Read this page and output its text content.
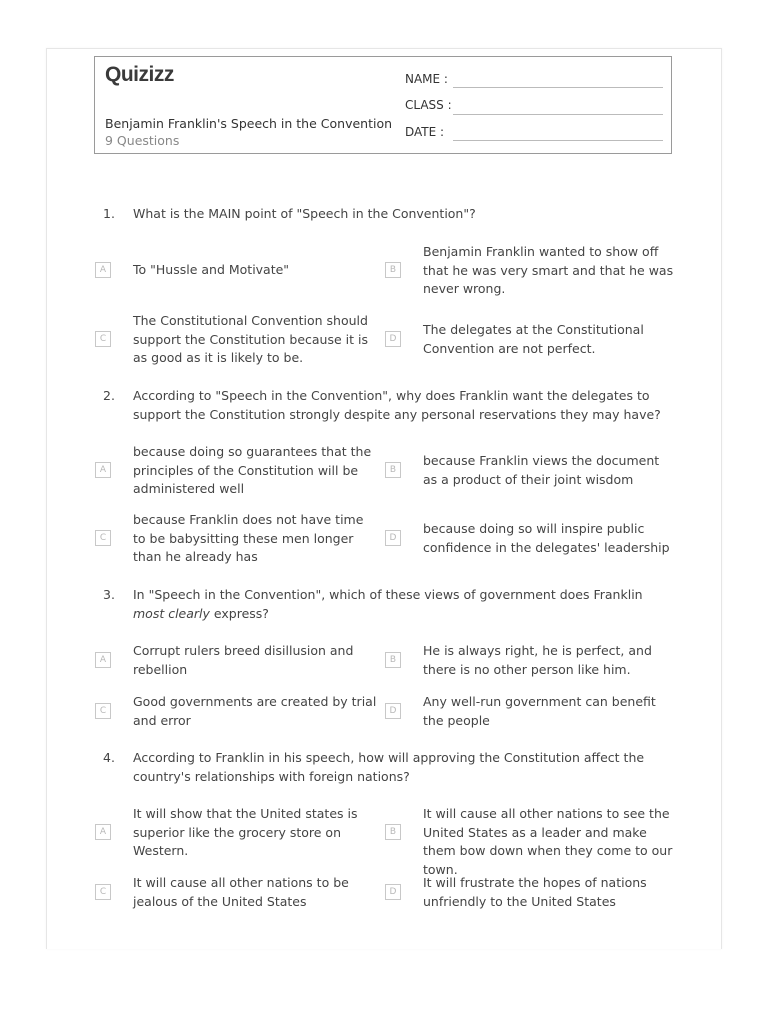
Quizizz
Benjamin Franklin's Speech in the Convention
9 Questions
NAME :
CLASS :
DATE :
1.	What is the MAIN point of "Speech in the Convention"?
A	To "Hussle and Motivate"	B
Benjamin Franklin wanted to show off that he was very smart and that he was never wrong.
C
The Constitutional Convention should support the Constitution because it is as good as it is likely to be.
D
The delegates at the Constitutional Convention are not perfect.
2.	According to "Speech in the Convention", why does Franklin want the delegates to support the Constitution strongly despite any personal reservations they may have?
A
because doing so guarantees that the principles of the Constitution will be administered well
B
because Franklin views the document as a product of their joint wisdom
C
because Franklin does not have time to be babysitting these men longer than he already has
D
because doing so will inspire public confidence in the delegates' leadership
3.	In "Speech in the Convention", which of these views of government does Franklin most clearly express?
A
Corrupt rulers breed disillusion and rebellion
B
He is always right, he is perfect, and there is no other person like him.
C
Good governments are created by trial and error
D
Any well-run government can benefit the people
4.	According to Franklin in his speech, how will approving the Constitution affect the country's relationships with foreign nations?
A
It will show that the United states is superior like the grocery store on Western.
B
It will cause all other nations to see the United States as a leader and make them bow down when they come to our town.
C
It will cause all other nations to be jealous of the United States
D
It will frustrate the hopes of nations unfriendly to the United States
